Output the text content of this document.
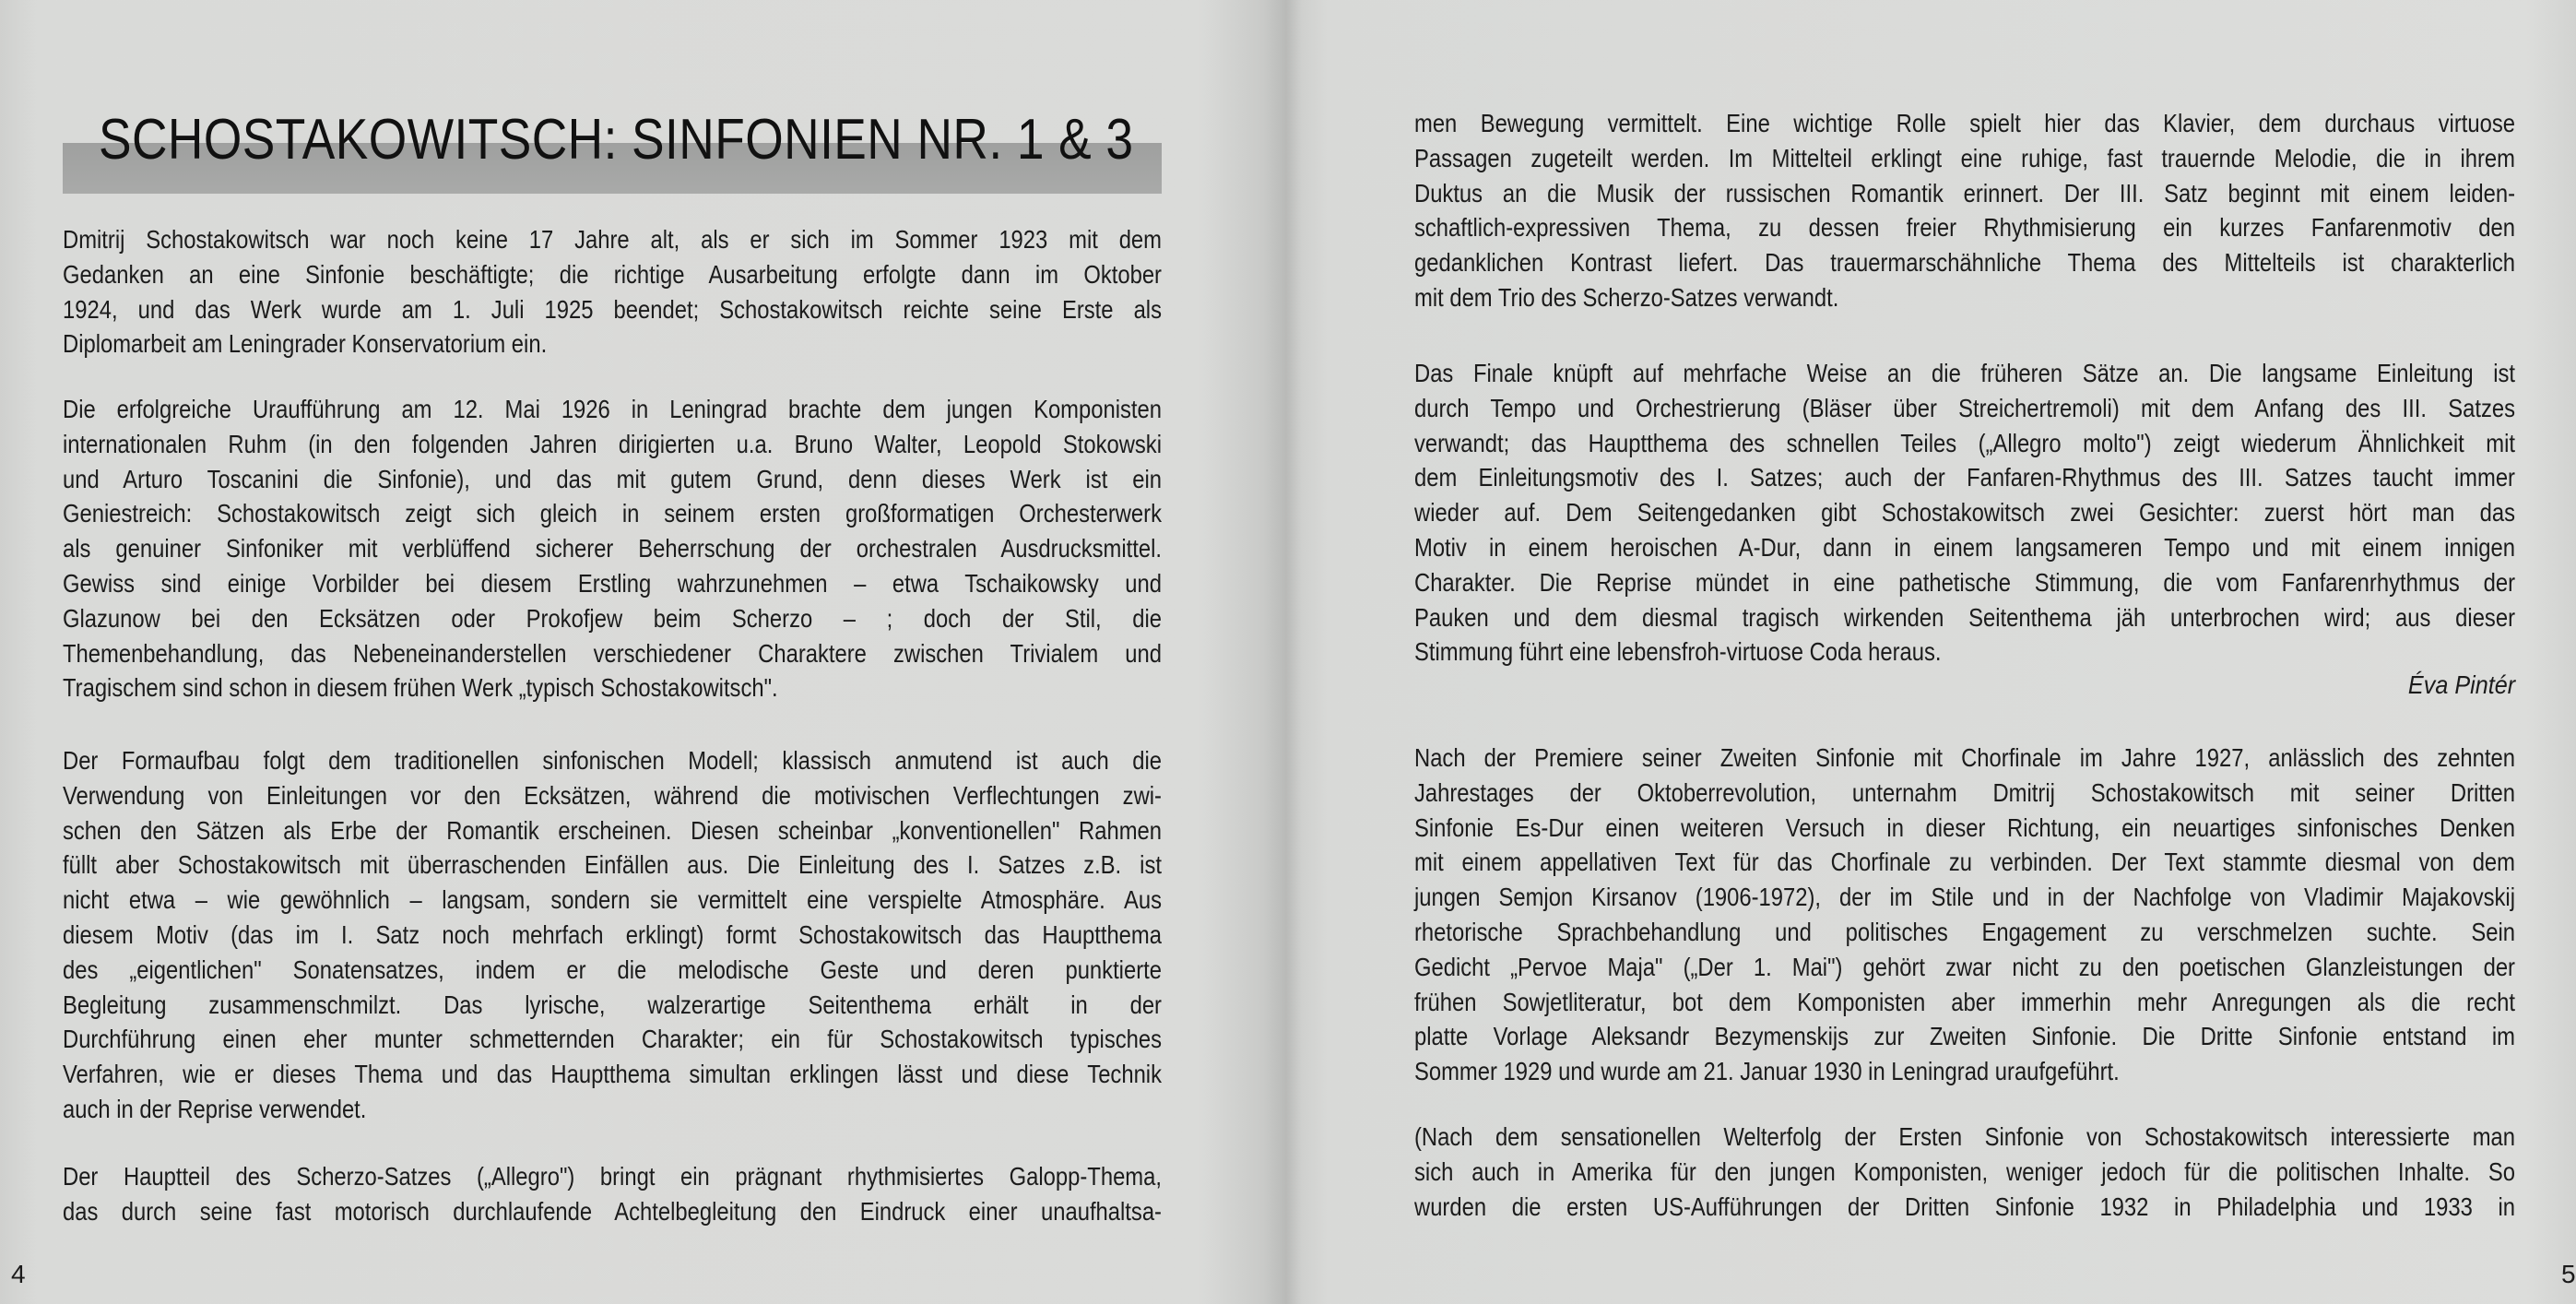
SCHOSTAKOWITSCH: SINFONIEN NR. 1 & 3
Dmitrij Schostakowitsch war noch keine 17 Jahre alt, als er sich im Sommer 1923 mit dem
Gedanken an eine Sinfonie beschäftigte; die richtige Ausarbeitung erfolgte dann im Oktober
1924, und das Werk wurde am 1. Juli 1925 beendet; Schostakowitsch reichte seine Erste als
Diplomarbeit am Leningrader Konservatorium ein.
Die erfolgreiche Uraufführung am 12. Mai 1926 in Leningrad brachte dem jungen Komponisten
internationalen Ruhm (in den folgenden Jahren dirigierten u.a. Bruno Walter, Leopold Stokowski
und Arturo Toscanini die Sinfonie), und das mit gutem Grund, denn dieses Werk ist ein
Geniestreich: Schostakowitsch zeigt sich gleich in seinem ersten großformatigen Orchesterwerk
als genuiner Sinfoniker mit verblüffend sicherer Beherrschung der orchestralen Ausdrucksmittel.
Gewiss sind einige Vorbilder bei diesem Erstling wahrzunehmen – etwa Tschaikowsky und
Glazunow bei den Ecksätzen oder Prokofjew beim Scherzo – ; doch der Stil, die
Themenbehandlung, das Nebeneinanderstellen verschiedener Charaktere zwischen Trivialem und
Tragischem sind schon in diesem frühen Werk „typisch Schostakowitsch".
Der Formaufbau folgt dem traditionellen sinfonischen Modell; klassisch anmutend ist auch die
Verwendung von Einleitungen vor den Ecksätzen, während die motivischen Verflechtungen zwi-
schen den Sätzen als Erbe der Romantik erscheinen. Diesen scheinbar „konventionellen" Rahmen
füllt aber Schostakowitsch mit überraschenden Einfällen aus. Die Einleitung des I. Satzes z.B. ist
nicht etwa – wie gewöhnlich – langsam, sondern sie vermittelt eine verspielte Atmosphäre. Aus
diesem Motiv (das im I. Satz noch mehrfach erklingt) formt Schostakowitsch das Hauptthema
des „eigentlichen" Sonatensatzes, indem er die melodische Geste und deren punktierte
Begleitung zusammenschmilzt. Das lyrische, walzerartige Seitenthema erhält in der
Durchführung einen eher munter schmetternden Charakter; ein für Schostakowitsch typisches
Verfahren, wie er dieses Thema und das Hauptthema simultan erklingen lässt und diese Technik
auch in der Reprise verwendet.
Der Hauptteil des Scherzo-Satzes („Allegro") bringt ein prägnant rhythmisiertes Galopp-Thema,
das durch seine fast motorisch durchlaufende Achtelbegleitung den Eindruck einer unaufhaltsa-
4
men Bewegung vermittelt. Eine wichtige Rolle spielt hier das Klavier, dem durchaus virtuose
Passagen zugeteilt werden. Im Mittelteil erklingt eine ruhige, fast trauernde Melodie, die in ihrem
Duktus an die Musik der russischen Romantik erinnert. Der III. Satz beginnt mit einem leiden-
schaftlich-expressiven Thema, zu dessen freier Rhythmisierung ein kurzes Fanfarenmotiv den
gedanklichen Kontrast liefert. Das trauermarschähnliche Thema des Mittelteils ist charakterlich
mit dem Trio des Scherzo-Satzes verwandt.
Das Finale knüpft auf mehrfache Weise an die früheren Sätze an. Die langsame Einleitung ist
durch Tempo und Orchestrierung (Bläser über Streichertremoli) mit dem Anfang des III. Satzes
verwandt; das Hauptthema des schnellen Teiles („Allegro molto") zeigt wiederum Ähnlichkeit mit
dem Einleitungsmotiv des I. Satzes; auch der Fanfaren-Rhythmus des III. Satzes taucht immer
wieder auf. Dem Seitengedanken gibt Schostakowitsch zwei Gesichter: zuerst hört man das
Motiv in einem heroischen A-Dur, dann in einem langsameren Tempo und mit einem innigen
Charakter. Die Reprise mündet in eine pathetische Stimmung, die vom Fanfarenrhythmus der
Pauken und dem diesmal tragisch wirkenden Seitenthema jäh unterbrochen wird; aus dieser
Stimmung führt eine lebensfroh-virtuose Coda heraus.
Nach der Premiere seiner Zweiten Sinfonie mit Chorfinale im Jahre 1927, anlässlich des zehnten
Jahrestages der Oktoberrevolution, unternahm Dmitrij Schostakowitsch mit seiner Dritten
Sinfonie Es-Dur einen weiteren Versuch in dieser Richtung, ein neuartiges sinfonisches Denken
mit einem appellativen Text für das Chorfinale zu verbinden. Der Text stammte diesmal von dem
jungen Semjon Kirsanov (1906-1972), der im Stile und in der Nachfolge von Vladimir Majakovskij
rhetorische Sprachbehandlung und politisches Engagement zu verschmelzen suchte. Sein
Gedicht „Pervoe Maja" („Der 1. Mai") gehört zwar nicht zu den poetischen Glanzleistungen der
frühen Sowjetliteratur, bot dem Komponisten aber immerhin mehr Anregungen als die recht
platte Vorlage Aleksandr Bezymenskijs zur Zweiten Sinfonie. Die Dritte Sinfonie entstand im
Sommer 1929 und wurde am 21. Januar 1930 in Leningrad uraufgeführt.
(Nach dem sensationellen Welterfolg der Ersten Sinfonie von Schostakowitsch interessierte man
sich auch in Amerika für den jungen Komponisten, weniger jedoch für die politischen Inhalte. So
wurden die ersten US-Aufführungen der Dritten Sinfonie 1932 in Philadelphia und 1933 in
Éva Pintér
5
